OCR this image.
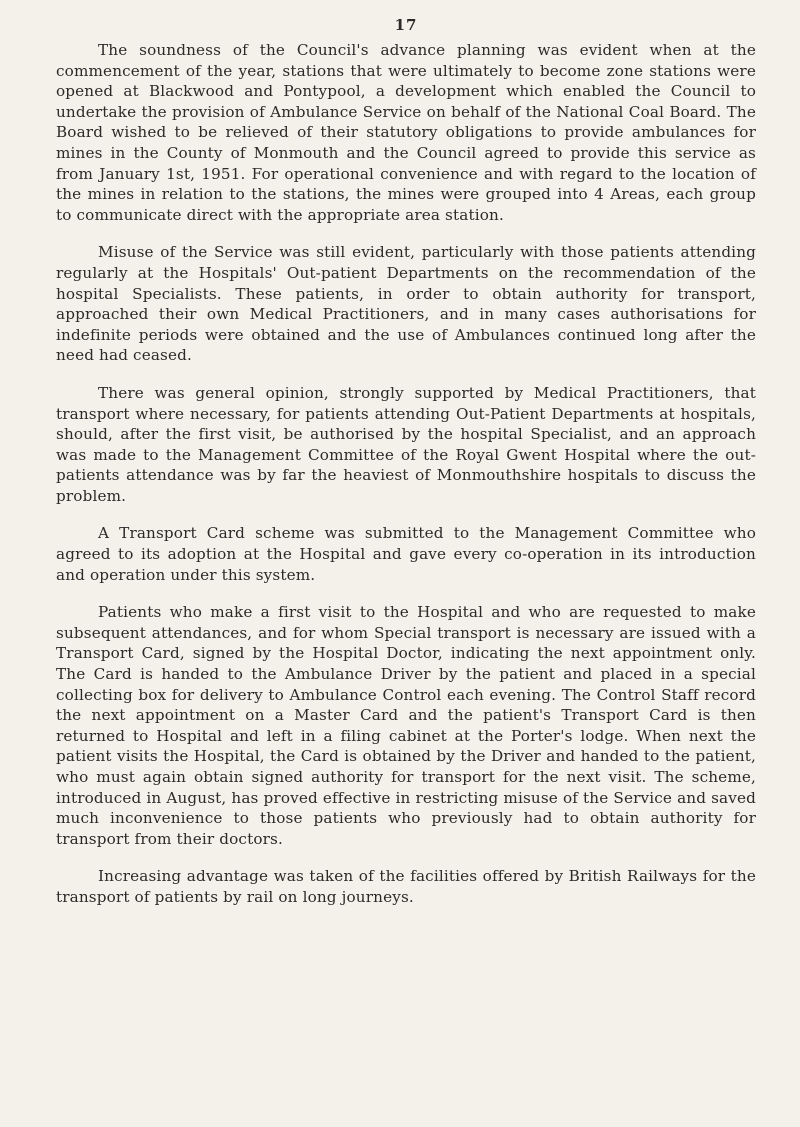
17

The soundness of the Council's advance planning was evident when at the commencement of the year, stations that were ultimately to become zone stations were opened at Blackwood and Pontypool, a development which enabled the Council to undertake the provision of Ambulance Service on behalf of the National Coal Board. The Board wished to be relieved of their statutory obligations to provide ambulances for mines in the County of Monmouth and the Council agreed to provide this service as from January 1st, 1951. For operational convenience and with regard to the location of the mines in relation to the stations, the mines were grouped into 4 Areas, each group to communicate direct with the appropriate area station.

Misuse of the Service was still evident, particularly with those patients attending regularly at the Hospitals' Out-patient Departments on the recommendation of the hospital Specialists. These patients, in order to obtain authority for transport, approached their own Medical Practitioners, and in many cases authorisations for indefinite periods were obtained and the use of Ambulances continued long after the need had ceased.

There was general opinion, strongly supported by Medical Practitioners, that transport where necessary, for patients attending Out-Patient Departments at hospitals, should, after the first visit, be authorised by the hospital Specialist, and an approach was made to the Management Committee of the Royal Gwent Hospital where the out-patients attendance was by far the heaviest of Monmouthshire hospitals to discuss the problem.

A Transport Card scheme was submitted to the Management Committee who agreed to its adoption at the Hospital and gave every co-operation in its introduction and operation under this system.

Patients who make a first visit to the Hospital and who are requested to make subsequent attendances, and for whom Special transport is necessary are issued with a Transport Card, signed by the Hospital Doctor, indicating the next appointment only. The Card is handed to the Ambulance Driver by the patient and placed in a special collecting box for delivery to Ambulance Control each evening. The Control Staff record the next appointment on a Master Card and the patient's Transport Card is then returned to Hospital and left in a filing cabinet at the Porter's lodge. When next the patient visits the Hospital, the Card is obtained by the Driver and handed to the patient, who must again obtain signed authority for transport for the next visit. The scheme, introduced in August, has proved effective in restricting misuse of the Service and saved much inconvenience to those patients who previously had to obtain authority for transport from their doctors.

Increasing advantage was taken of the facilities offered by British Railways for the transport of patients by rail on long journeys.
